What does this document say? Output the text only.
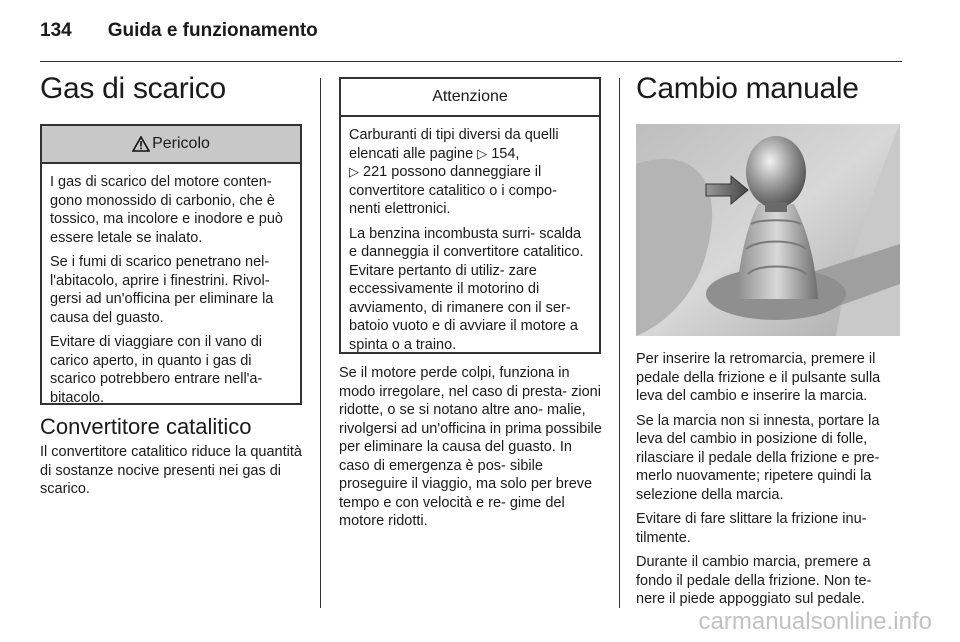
134 Guida e funzionamento
Gas di scarico
Pericolo

I gas di scarico del motore conten- gono monossido di carbonio, che è tossico, ma incolore e inodore e può essere letale se inalato.

Se i fumi di scarico penetrano nel- l'abitacolo, aprire i finestrini. Rivol- gersi ad un'officina per eliminare la causa del guasto.

Evitare di viaggiare con il vano di carico aperto, in quanto i gas di scarico potrebbero entrare nell'a- bitacolo.

Convertitore catalitico

Il convertitore catalitico riduce la quantità di sostanze nocive presenti nei gas di scarico.

Attenzione

Carburanti di tipi diversi da quelli elencati alle pagine ▷ 154,
▷ 221 possono danneggiare il convertitore catalitico o i compo- nenti elettronici.

La benzina incombusta surri- scalda e danneggia il convertitore catalitico. Evitare pertanto di utiliz- zare eccessivamente il motorino di avviamento, di rimanere con il ser- batoio vuoto e di avviare il motore a spinta o a traino.

Se il motore perde colpi, funziona in modo irregolare, nel caso di presta- zioni ridotte, o se si notano altre ano- malie, rivolgersi ad un'officina in prima possibile per eliminare la causa del guasto. In caso di emergenza è pos- sibile proseguire il viaggio, ma solo per breve tempo e con velocità e re- gime del motore ridotti.

Cambio manuale

Per inserire la retromarcia, premere il pedale della frizione e il pulsante sulla leva del cambio e inserire la marcia.

Se la marcia non si innesta, portare la leva del cambio in posizione di folle, rilasciare il pedale della frizione e pre- merlo nuovamente; ripetere quindi la selezione della marcia.

Evitare di fare slittare la frizione inu- tilmente.

Durante il cambio marcia, premere a fondo il pedale della frizione. Non te- nere il piede appoggiato sul pedale.

carmanualsonline.info
